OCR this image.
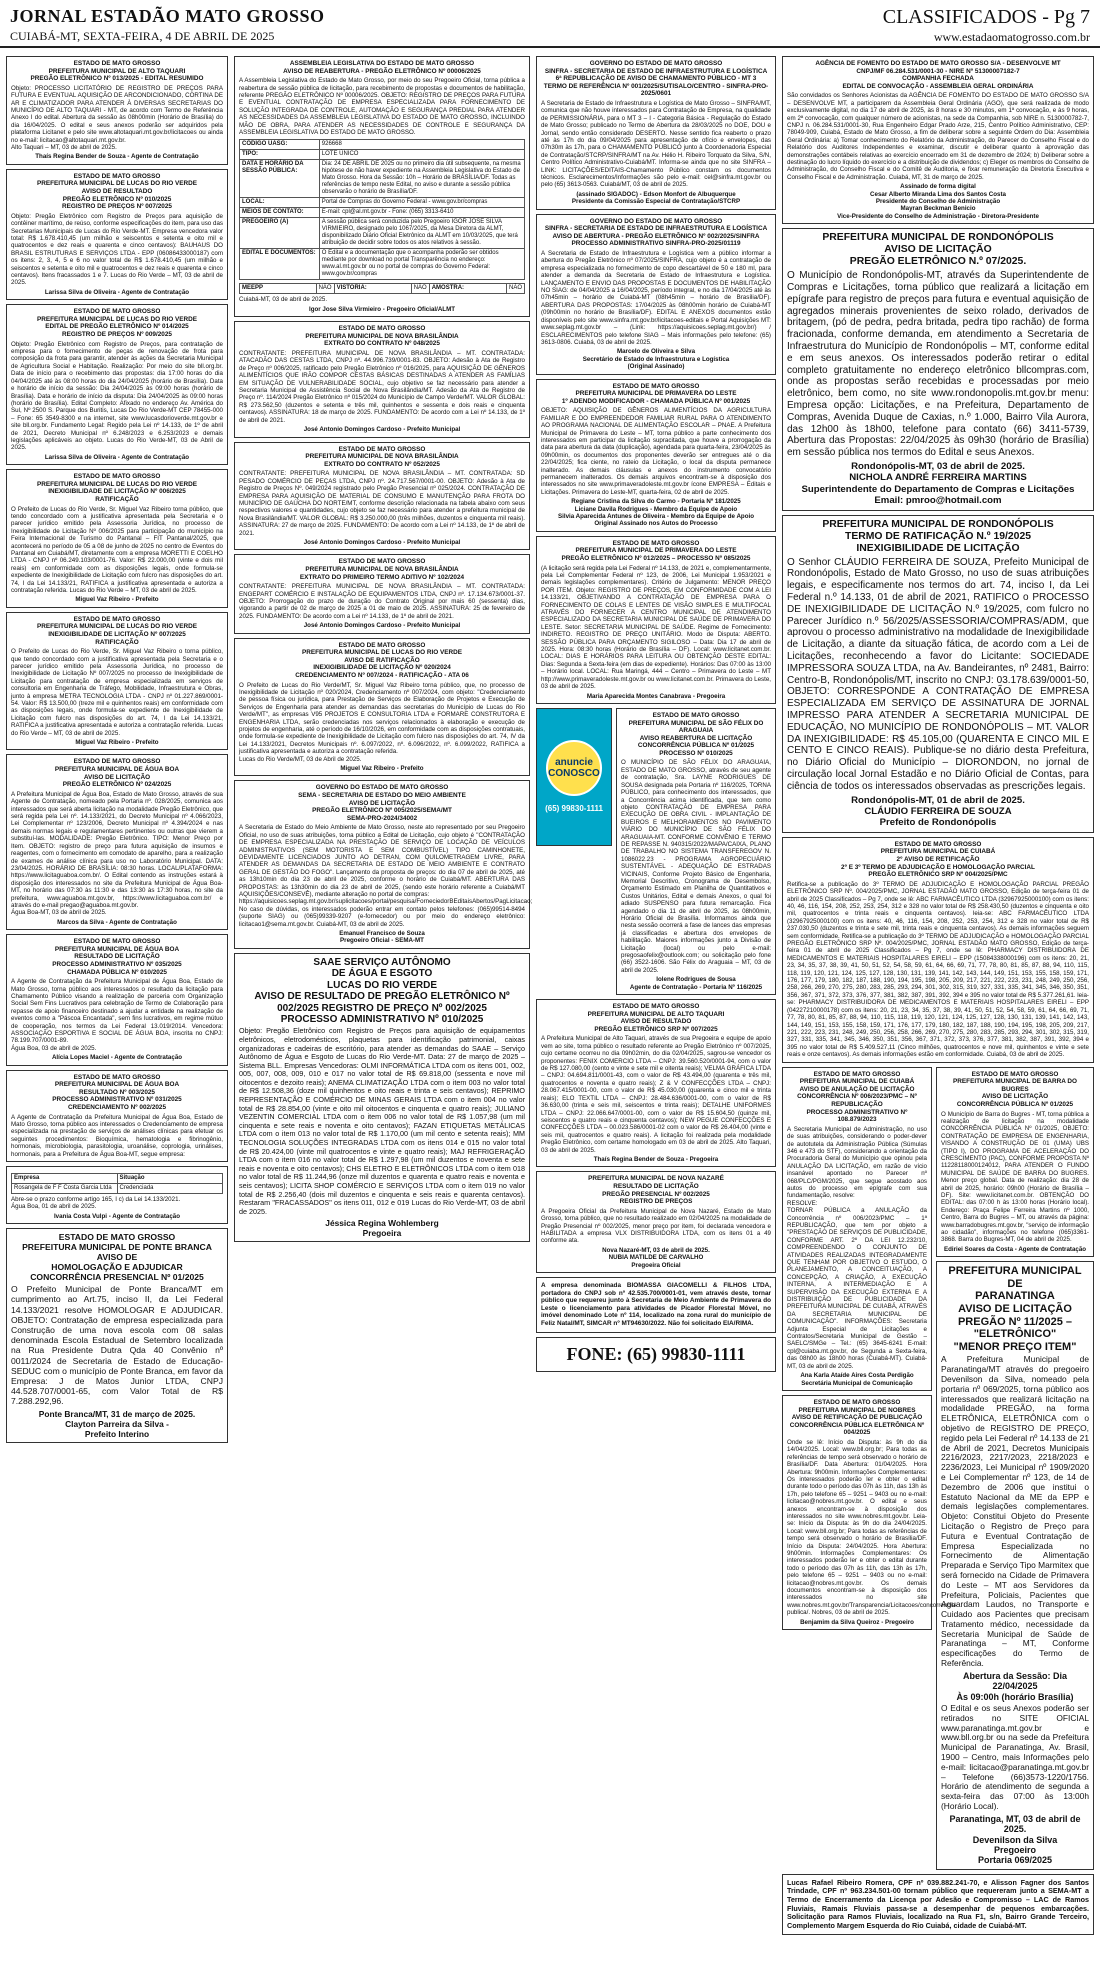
JORNAL ESTADÃO MATO GROSSO
CUIABÁ-MT, SEXTA-FEIRA, 4 DE ABRIL DE 2025
CLASSIFICADOS - Pg 7
www.estadaomatogrosso.com.br
ESTADO DE MATO GROSSO
PREFEITURA MUNICIPAL DE ALTO TAQUARI
PREGÃO ELETRÔNICO Nº 013/2025 - EDITAL RESUMIDO
Objeto: PROCESSO LICITATÓRIO DE REGISTRO DE PREÇOS PARA FUTURA E EVENTUAL AQUISIÇÃO DE ARCONDICIONADO, CORTINA DE AR E CLIMATIZADOR PARA ATENDER À DIVERSAS SECRETARIAS DO MUNICÍPIO DE ALTO TAQUARI - MT, de acordo com Termo de Referência Anexo I do edital. Abertura da sessão às 08h00min (Horário de Brasília) do dia 16/04/2025. O edital e seus anexos poderão ser adquiridos pela plataforma Licitanet e pelo site www.altotaquari.mt.gov.br/licitacoes ou ainda no e-mail: licitacao@altotaquari.mt.gov.br.
Alto Taquari – MT, 03 de abril de 2025.
Thaís Regina Bender de Souza - Agente de Contratação
ESTADO DE MATO GROSSO
PREFEITURA MUNICIPAL DE LUCAS DO RIO VERDE
AVISO DE RESULTADO
PREGÃO ELETRÔNICO Nº 010/2025
REGISTRO DE PREÇOS Nº 007/2025
Objeto: Pregão Eletrônico com Registro de Preços para aquisição de contêiner marítimo, de reúso, conforme especificações do item, para uso das Secretarias Municipais de Lucas do Rio Verde-MT. Empresa vencedora valor total: R$ 1.678.410,45 (um milhão e seiscentos e setenta e oito mil e quatrocentos e dez reais e quarenta e cinco centavos): BAUHAUS DO BRASIL ESTRUTURAS E SERVIÇOS LTDA - EPP (06086433000187) com os itens: 2, 3, 4, 5 e 6 no valor total de R$ 1.678.410,45 (um milhão e seiscentos e setenta e oito mil e quatrocentos e dez reais e quarenta e cinco centavos). Itens fracassados 1 e 7. Lucas do Rio Verde – MT, 03 de abril de 2025.
Larissa Silva de Oliveira - Agente de Contratação
ESTADO DE MATO GROSSO
PREFEITURA MUNICIPAL DE LUCAS DO RIO VERDE
EDITAL DE PREGÃO ELETRÔNICO Nº 014/2025
REGISTRO DE PREÇOS Nº 009/2025
Objeto: Pregão Eletrônico com Registro de Preços, para contratação de empresa para o fornecimento de peças de renovação de frota para composição da frota para garantir, atender às ações da Secretaria Municipal de Agricultura Social e Habitação. Realização: Por meio do site bll.org.br. Data de início para o recebimento das propostas: dia 17:00 horas do dia 04/04/2025 até às 08:00 horas do dia 24/04/2025 (horário de Brasília). Data e horário de início da sessão: Dia 24/04/2025 às 09:00 horas (horário de Brasília). Data e horário de início da disputa: Dia 24/04/2025 às 09:00 horas (horário de Brasília). Edital Completo: Afixado no endereço Av. América do Sul, Nº 2500 S. Parque dos Buritis, Lucas Do Rio Verde-MT CEP 78455-000 – Fone: 65 3549-8300 e na internet, site www.lucasdorioverde.mt.gov.br e site bll.org.br. Fundamento Legal: Regido pela Lei nº 14.133, de 1º de abril de 2021, Decreto Municipal nº 6.248/2023 e 6.253/2023 e demais legislações aplicáveis ao objeto. Lucas do Rio Verde-MT, 03 de Abril de 2025.
Larissa Silva de Oliveira - Agente de Contratação
ESTADO DE MATO GROSSO
PREFEITURA MUNICIPAL DE LUCAS DO RIO VERDE
INEXIGIBILIDADE DE LICITAÇÃO Nº 006/2025
RATIFICAÇÃO
O Prefeito de Lucas do Rio Verde, Sr. Miguel Vaz Ribeiro torna público, que tendo concordado com a justificativa apresentada pela Secretaria e o parecer jurídico emitido pela Assessoria Jurídica, no processo de Inexigibilidade de Licitação Nº 006/2025 para participação do município na Feira Internacional de Turismo do Pantanal – FIT Pantanal/2025, que acontecerá no período de 05 a 08 de junho de 2025 no centro de Eventos do Pantanal em Cuiabá/MT, diretamente com a empresa MORETTI E COELHO LTDA - CNPJ nº 06.249.103/0001-76. Valor: R$ 22.000,00 (vinte e dois mil reais) em conformidade com as disposições legais, onde formula-se expediente de Inexigibilidade de Licitação com fulcro nas disposições do art. 74, I da Lei 14.133/21, RATIFICA a justificativa apresentada e autoriza a contratação referida. Lucas do Rio Verde – MT, 03 de abril de 2025.
Miguel Vaz Ribeiro - Prefeito
ESTADO DE MATO GROSSO
PREFEITURA MUNICIPAL DE LUCAS DO RIO VERDE
INEXIGIBILIDADE DE LICITAÇÃO Nº 007/2025
RATIFICAÇÃO
O Prefeito de Lucas do Rio Verde, Sr. Miguel Vaz Ribeiro o torna público, que tendo concordado com a justificativa apresentada pela Secretaria e o parecer jurídico emitido pela Assessoria Jurídica, no processo de Inexigibilidade de Licitação Nº 007/2025 no processo de Inexigibilidade de Licitação para contratação de empresa especializada em serviços de consultoria em Engenharia de Tráfego, Mobilidade, Infraestrutura e Obras, junto à empresa METRA TECNOLOGIA LTDA - CNPJ nº 01.227.869/0001-54. Valor: R$ 13.500,00 (treze mil e quinhentos reais) em conformidade com as disposições legais, onde formula-se expediente de Inexigibilidade de Licitação com fulcro nas disposições do art. 74, I da Lei 14.133/21, RATIFICA a justificativa apresentada e autoriza a contratação referida. Lucas do Rio Verde – MT, 03 de abril de 2025.
Miguel Vaz Ribeiro - Prefeito
ESTADO DE MATO GROSSO
PREFEITURA MUNICIPAL DE ÁGUA BOA
AVISO DE LICITAÇÃO
PREGÃO ELETRÔNICO Nº 024/2025
A Prefeitura Municipal de Água Boa, Estado de Mato Grosso, através de sua Agente de Contratação, nomeado pela Portaria nº. 028/2025, comunica aos interessados que será aberta licitação na modalidade Pregão Eletrônico, que será regida pela Lei nº. 14.133/2021, do Decreto Municipal nº 4.066/2023, Lei Complementar nº 123/2006, Decreto Municipal nº 4.394/2024 e nas demais normas legais e regulamentares pertinentes ou outras que vierem a substituí-las. MODALIDADE: Pregão Eletrônico. TIPO: Menor Preço por Item. OBJETO: registro de preço para futura aquisição de insumos e reagentes, com o fornecimento em comodato de aparelho, para a realização de exames de análise clínica para uso no Laboratório Municipal. DATA: 23/04/2025. HORÁRIO DE BRASÍLIA: 08:30 horas. LOCAL/PLATAFORMA: https://www.licitaguaboa.com.br/. O Edital contendo as instruções estará à disposição dos interessados no site da Prefeitura Municipal de Água Boa-MT, no horário das 07:30 às 11:30 e das 13:30 às 17:30 horas, no site da prefeitura, www.aguaboa.mt.gov.br, https://www.licitaguaboa.com.br/ e através do e-mail pregao@aguaboa.mt.gov.br.
Água Boa-MT, 03 de abril de 2025.
Marcos da Silva - Agente de Contratação
ESTADO DE MATO GROSSO
PREFEITURA MUNICIPAL DE ÁGUA BOA
RESULTADO DE LICITAÇÃO
PROCESSO ADMINISTRATIVO Nº 035/2025
CHAMADA PÚBLICA Nº 010/2025
A Agente de Contratação da Prefeitura Municipal de Água Boa, Estado de Mato Grosso, torna público aos interessados o resultado da licitação para Chamamento Público visando a realização de parceria com Organização Social Sem Fins Lucrativos para celebração de Termo de Colaboração para repasse de apoio financeiro destinado a ajudar a entidade na realização de eventos como a "Páscoa Encantada", sem fins lucrativos, em regime mútuo de cooperação, nos termos da Lei Federal 13.019/2014. Vencedora: ASSOCIAÇÃO ESPORTIVA E SOCIAL DE ÁGUA BOA, inscrita no CNPJ: 78.199.707/0001-89.
Água Boa, 03 de abril de 2025.
Alícia Lopes Maciel - Agente de Contratação
ESTADO DE MATO GROSSO
PREFEITURA MUNICIPAL DE ÁGUA BOA
RESULTADO Nº 003/2025
PROCESSO ADMINISTRATIVO Nº 031/2025
CREDENCIAMENTO Nº 002/2025
A Agente de Contratação da Prefeitura Municipal de Água Boa, Estado de Mato Grosso, torna público aos interessados o Credenciamento de empresa especializada na prestação de serviços de análises clínicas para efetuar os seguintes procedimentos: Bioquímica, hematologia e fibrinogênio, hormonais, microbiologia, parasitologia, uroanálise, coprologia, urinálises, hormonais, para a Prefeitura de Água Boa-MT, segue empresa:
Empresa	Situação
Rosangela de F F Costa Garcia Ltda	Credenciada
Abre-se o prazo conforme artigo 165, I c) da Lei 14.133/2021.
Água Boa, 01 de abril de 2025.
Ivania Costa Vulpi - Agente de Contratação
ESTADO DE MATO GROSSO
PREFEITURA MUNICIPAL DE PONTE BRANCA
AVISO DE
HOMOLOGAÇÃO E ADJUDICAR
CONCORRÊNCIA PRESENCIAL Nº 01/2025
O Prefeito Municipal de Ponte Branca/MT em cumprimento ao Art.75, inciso II, da Lei Federal 14.133/2021 resolve HOMOLOGAR E ADJUDICAR. OBJETO: Contratação de empresa especializada para Construção de uma nova escola com 08 salas denominada Escola Estadual de Setembro localizada na Rua Presidente Dutra Qda 40 Convênio nº 0011/2024 de Secretaria de Estado de Educação-SEDUC com o município de Ponte Branca, em favor da Empresa: J de Matos Junior LTDA, CNPJ 44.528.707/0001-65, com Valor Total de R$ 7.288.292,96.
Ponte Branca/MT, 31 de março de 2025.
Clayton Parreira da Silva -
Prefeito Interino
ASSEMBLEIA LEGISLATIVA DO ESTADO DE MATO GROSSO
AVISO DE REABERTURA - PREGÃO ELETRÔNICO Nº 00006/2025
A Assembleia Legislativa do Estado de Mato Grosso, por meio do seu Pregoeiro Oficial, torna pública a reabertura de sessão pública de licitação, para recebimento de propostas e documentos de habilitação, referente PREGÃO ELETRÔNICO Nº 00006/2025. OBJETO: REGISTRO DE PREÇOS PARA FUTURA E EVENTUAL CONTRATAÇÃO DE EMPRESA ESPECIALIZADA PARA FORNECIMENTO DE SOLUÇÃO INTEGRADA DE CONTROLE, AUTOMAÇÃO E SEGURANÇA PREDIAL PARA ATENDER AS NECESSIDADES DA ASSEMBLEIA LEGISLATIVA DO ESTADO DE MATO GROSSO, INCLUINDO MÃO DE OBRA, PARA ATENDER AS NECESSIDADES DE CONTROLE E SEGURANÇA DA ASSEMBLEIA LEGISLATIVA DO ESTADO DE MATO GROSSO.
CÓDIGO UASG:	926668
TIPO:	LOTE ÚNICO
DATA E HORÁRIO DA SESSÃO PÚBLICA:	Dia: 24 DE ABRIL DE 2025 ou no primeiro dia útil subsequente, na mesma hipótese de não haver expediente na Assembleia Legislativa do Estado de Mato Grosso. Hora da Sessão: 10h – Horário de BRASÍLIA/DF. Todas as referências de tempo neste Edital, no aviso e durante a sessão pública observarão o horário de Brasília/DF.
LOCAL:	Portal de Compras do Governo Federal - www.gov.br/compras
MEIOS DE CONTATO:	E-mail: cpl@al.mt.gov.br - Fone: (065) 3313-6410
PREGOEIRO (A)	A sessão pública será conduzida pelo Pregoeiro IGOR JOSE SILVA VIRMIEIRO, designado pelo 1067/2025, da Mesa Diretora da ALMT, disponibilizado Diário Oficial Eletrônico da ALMT em 10/03/2025, que terá atribuição de decidir sobre todos os atos relativos à sessão.
EDITAL E DOCUMENTOS:	O Edital e a documentação que o acompanha poderão ser obtidos mediante por download no portal Transparência no endereço: www.al.mt.gov.br ou no portal de compras do Governo Federal: www.gov.br/compras
MEEPP	NÃO	VISTORIA:	NÃO	AMOSTRA:	NÃO
Cuiabá-MT, 03 de abril de 2025.
Igor Jose Silva Virmieiro - Pregoeiro Oficial/ALMT
ESTADO DE MATO GROSSO
PREFEITURA MUNICIPAL DE NOVA BRASILÂNDIA
EXTRATO DO CONTRATO Nº 048/2025
CONTRATANTE: PREFEITURA MUNICIPAL DE NOVA BRASILÂNDIA – MT. CONTRATADA: ATACADÃO DAS CESTAS LTDA, CNPJ nº. 44.996.739/0001-83. OBJETO: Adesão à Ata de Registro de Preço nº 006/2025, ratificado pelo Pregão Eletrônico nº 016/2025, para AQUISIÇÃO DE GÊNEROS ALIMENTÍCIOS QUE IRÃO COMPOR CESTAS BÁSICAS DESTINADAS A ATENDER AS FAMÍLIAS EM SITUAÇÃO DE VULNERABILIDADE SOCIAL, cujo objetivo se faz necessário para atender a Secretaria Municipal de Assistência Social de Nova Brasilândia/MT. Adesão da Ata de Registro de Preço nº. 114/2024 Pregão Eletrônico nº 015/2024 do Município de Campo Verde/MT. VALOR GLOBAL: R$ 273.562,50 (duzentos e setenta e três mil, quinhentos e sessenta e dois reais e cinquenta centavos). ASSINATURA: 18 de março de 2025. FUNDAMENTO: De acordo com a Lei nº 14.133, de 1º de abril de 2021.
José Antonio Domingos Cardoso - Prefeito Municipal
ESTADO DE MATO GROSSO
PREFEITURA MUNICIPAL DE NOVA BRASILÂNDIA
EXTRATO DO CONTRATO Nº 052/2025
CONTRATANTE: PREFEITURA MUNICIPAL DE NOVA BRASILÂNDIA – MT. CONTRATADA: SD PESADO COMÉRCIO DE PEÇAS LTDA, CNPJ nº. 24.717.567/0001-00. OBJETO: Adesão à Ata de Registro de Preços Nº. 049/2024 registrado pelo Pregão Presencial nº 025/2024. CONTRATAÇÃO DE EMPRESA PARA AQUISIÇÃO DE MATERIAL DE CONSUMO E MANUTENÇÃO PARA FROTA DO MUNICÍPIO DE GAÚCHA DO NORTE/MT, conforme descrição relacionada na tabela abaixo com seus respectivos valores e quantidades, cujo objeto se faz necessário para atender a prefeitura municipal de Nova Brasilândia/MT. VALOR GLOBAL: R$ 3.250.000,00 (três milhões, duzentos e cinquenta mil reais). ASSINATURA: 27 de março de 2025. FUNDAMENTO: De acordo com a Lei nº 14.133, de 1º de abril de 2021.
José Antonio Domingos Cardoso - Prefeito Municipal
ESTADO DE MATO GROSSO
PREFEITURA MUNICIPAL DE NOVA BRASILÂNDIA
EXTRATO DO PRIMEIRO TERMO ADITIVO Nº 102/2024
CONTRATANTE: PREFEITURA MUNICIPAL DE NOVA BRASILÂNDIA – MT. CONTRATADA: ENGEPART COMÉRCIO E INSTALAÇÃO DE EQUIPAMENTOS LTDA, CNPJ nº. 17.134.673/0001-37. OBJETO: Prorrogação do prazo de duração do Contrato Original por mais 60 (sessenta) dias, vigorando a partir de 02 de março de 2025 a 01 de maio de 2025. ASSINATURA: 25 de fevereiro de 2025. FUNDAMENTO: De acordo com a Lei nº 14.133, de 1º de abril de 2021.
José Antonio Domingos Cardoso - Prefeito Municipal
ESTADO DE MATO GROSSO
PREFEITURA MUNICIPAL DE LUCAS DO RIO VERDE
AVISO DE RATIFICAÇÃO
INEXIGIBILIDADE DE LICITAÇÃO Nº 020/2024
CREDENCIAMENTO Nº 007/2024 - RATIFICAÇÃO - ATA 06
O Prefeito de Lucas do Rio Verde/MT, Sr. Miguel Vaz Ribeiro torna público, que, no processo de Inexigibilidade de Licitação nº 020/2024, Credenciamento nº 007/2024, com objeto: "Credenciamento de pessoa física ou jurídica, para Prestação de Serviços de Elaboração de Projetos e Execução de Serviços de Engenharia para atender as demandas das secretarias do Município de Lucas do Rio Verde/MT", as empresas V95 PROJETOS E CONSULTORIA LTDA e FORMARE CONSTRUTORA E ENGENHARIA LTDA, serão credenciadas nos serviços relacionados à elaboração e execução de projetos de engenharia, até o período de 16/10/2026, em conformidade com as disposições contratuais, onde formula-se expediente de Inexigibilidade de Licitação com fulcro nas disposições do art. 74, IV da Lei 14.133/2021, Decretos Municipais nº. 6.097/2022, nº. 6.096/2022, nº. 6.099/2022, RATIFICA a justificativa apresentada e autoriza a contratação referida.
Lucas do Rio Verde/MT, 03 de Abril de 2025.
Miguel Vaz Ribeiro - Prefeito
GOVERNO DO ESTADO DE MATO GROSSO
SEMA - SECRETARIA DE ESTADO DO MEIO AMBIENTE
AVISO DE LICITAÇÃO
PREGÃO ELETRÔNICO Nº 005/2025/SEMA/MT
SEMA-PRO-2024/34002
A Secretaria de Estado do Meio Ambiente de Mato Grosso, neste ato representado por seu Pregoeiro Oficial, no uso de suas atribuições, torna público a Edital de Licitação, cujo objeto é "CONTRATAÇÃO DE EMPRESA ESPECIALIZADA NA PRESTAÇÃO DE SERVIÇO DE LOCAÇÃO DE VEÍCULOS ADMINISTRATIVOS (SEM MOTORISTA E SEM COMBUSTÍVEL) TIPO CAMINHONETE, DEVIDAMENTE LICENCIADOS JUNTO AO DETRAN, COM QUILOMETRAGEM LIVRE, PARA ATENDER AS DEMANDAS DA SECRETARIA DE ESTADO DE MEIO AMBIENTE E CONTRATO GERAL DE GESTÃO DO FOGO". Lançamento da proposta de preços: do dia 07 de abril de 2025, até as 13h10min do dia 23 de abril de 2025, conforme o horário de Cuiabá/MT. ABERTURA DAS PROPOSTAS: às 13h30min do dia 23 de abril de 2025, (sendo este horário referente a Cuiabá/MT AQUISIÇÕES/CONSEVÊ), mediante alteração no portal de compras:
https://aquisicoes.seplag.mt.gov.br/suplicitacoes/portal/pesquisa/ForneciedorBEditaisAbertos/PagLicitacao; No caso de dúvidas, os interessados poderão entrar em contato pelos telefones: (065)99514-8494 (suporte SIAG) ou (065)99339-9207 (e-fornecedor) ou por meio do endereço eletrônico: licitacao1@sema.mt.gov.br. Cuiabá-MT, 03 de abril de 2025.
Emanuel Francisco de Souza
Pregoeiro Oficial - SEMA-MT
SAAE SERVIÇO AUTÔNOMO
DE ÁGUA E ESGOTO
LUCAS DO RIO VERDE
AVISO DE RESULTADO DE PREGÃO ELETRÔNICO Nº 002/2025 REGISTRO DE PREÇO Nº 002/2025
PROCESSO ADMINISTRATIVO Nº 010/2025
Objeto: Pregão Eletrônico com Registro de Preços para aquisição de equipamentos eletrônicos, eletrodomésticos, plaquetas para identificação patrimonial, caixas organizadoras e cadeiras de escritório, para atender as demandas do SAAE – Serviço Autônomo de Água e Esgoto de Lucas do Rio Verde-MT. Data: 27 de março de 2025 – Sistema BLL. Empresas Vencedoras: OLMI INFORMÁTICA LTDA com os itens 001, 002, 005, 007, 008, 009, 010 e 017 no valor total de R$ 69.818,00 (sessenta e nove mil oitocentos e dezoito reais); ANEMA CLIMATIZAÇÃO LTDA com o item 003 no valor total de R$ 12.508,36 (doze mil quinhentos e oito reais e trinta e seis centavos); REPRIMO REPRESENTAÇÃO E COMÉRCIO DE MINAS GERAIS LTDA com o item 004 no valor total de R$ 28.854,00 (vinte e oito mil oitocentos e cinquenta e quatro reais); JULIANO VEZENTIN COMERCIAL LTDA com o item 006 no valor total de R$ 1.057,98 (um mil cinquenta e sete reais e noventa e oito centavos); FAZAN ETIQUETAS METÁLICAS LTDA com o item 013 no valor total de R$ 1.170,00 (um mil cento e setenta reais); MM TECNOLOGIA SOLUÇÕES INTEGRADAS LTDA com os itens 014 e 015 no valor total de R$ 20.424,00 (vinte mil quatrocentos e vinte e quatro reais); MAJ REFRIGERAÇÃO LTDA com o item 016 no valor total de R$ 1.297,98 (um mil duzentos e noventa e sete reais e noventa e oito centavos); CHS ELETRO E ELETRÔNICOS LTDA com o item 018 no valor total de R$ 11.244,96 (onze mil duzentos e quarenta e quatro reais e noventa e seis centavos); LICITA SHOP COMÉRCIO E SERVIÇOS LTDA com o item 019 no valor total de R$ 2.256,40 (dois mil duzentos e cinquenta e seis reais e quarenta centavos). Restaram "FRACASSADOS" os itens 011, 012 e 019 Lucas do Rio Verde-MT, 03 de abril de 2025.
Jéssica Regina Wohlemberg
Pregoeira
GOVERNO DO ESTADO DE MATO GROSSO
SINFRA - SECRETARIA DE ESTADO DE INFRAESTRUTURA E LOGÍSTICA
6ª REPUBLICAÇÃO DE AVISO DE CHAMAMENTO PÚBLICO - MT 3
TERMO DE REFERÊNCIA Nº 001/2025/SUTISALO/CENTRO - SINFRA-PRO-2025/0601
A Secretaria de Estado de Infraestrutura e Logística de Mato Grosso – SINFRA/MT, comunica que não houve interessados para Contratação de Empresa, na qualidade de PERMISSIONÁRIA, para o MT 3 – I - Categoria Básica - Regulação do Estado de Mato Grosso; publicado no Termo de Abertura da 28/03/2025 no DOE, DOU e Jornal, sendo então considerado DESERTO. Nesse sentido fica reaberto o prazo até às 17h do dia 09/04/2025 para apresentação de ofício e envelopes, das 07h30m às 17h, para o CHAMAMENTO PÚBLICO junto à Coordenadoria Especial de Contratação/STCRP/SINFRA/MT na Av. Hélio H. Ribeiro Torquato da Silva, S/N, Centro Político Administrativo-Cuiabá/MT. Informa-se ainda que no site SINFRA – LINK: LICITAÇÕES/EDITAIS-Chamamento Público constam os documentos técnicos. Esclarecimentos/Informações são pelo e-mail: cel@sinfra.mt.gov.br ou pelo (65) 3613-0563. Cuiabá/MT, 03 de abril de 2025.
(assinado SIGADOC) - Edson Monfort de Albuquerque
Presidente da Comissão Especial de Contratação/STCRP
GOVERNO DO ESTADO DE MATO GROSSO
SINFRA - SECRETARIA DE ESTADO DE INFRAESTRUTURA E LOGÍSTICA
AVISO DE ABERTURA - PREGÃO ELETRÔNICO Nº 002/2025/SINFRA
PROCESSO ADMINISTRATIVO SINFRA-PRO-2025/01119
A Secretaria de Estado de Infraestrutura e Logística vem a público informar a abertura do Pregão Eletrônico nº 07/2025/SINFRA, cujo objeto é a contratação de empresa especializada no fornecimento de copo descartável de 50 e 180 ml, para atender a demanda da Secretaria de Estado de Infraestrutura e Logística. LANÇAMENTO E ENVIO DAS PROPOSTAS E DOCUMENTOS DE HABILITAÇÃO NO SIAG: de 04/04/2025 a 16/04/2025, período integral, e no dia 17/04/2025 até às 07h45min – horário de Cuiabá-MT (08h45min – horário de Brasília/DF). ABERTURA DAS PROPOSTAS: 17/04/2025 às 08h00min horário de Cuiabá-MT (09h00min no horário de Brasília/DF). EDITAL E ANEXOS documentos estão disponíveis pelo site www.sinfra.mt.gov.br/licitacoes-editais e Portal Aquisições MT: www.seplag.mt.gov.br – (Link: https://aquisicoes.seplag.mt.gov.br/) / ESCLARECIMENTOS pelo telefone SIAG – Mais informações pelo telefone: (65) 3613-0806. Cuiabá, 03 de abril de 2025.
Marcelo de Oliveira e Silva
Secretário de Estado de Infraestrutura e Logística
(Original Assinado)
ESTADO DE MATO GROSSO
PREFEITURA MUNICIPAL DE PRIMAVERA DO LESTE
1º ADENDO MODIFICADOR - CHAMADA PÚBLICA Nº 001/2025
OBJETO: AQUISIÇÃO DE GÊNEROS ALIMENTÍCIOS DA AGRICULTURA FAMILIAR E DO EMPREENDEDOR FAMILIAR RURAL PARA O ATENDIMENTO AO PROGRAMA NACIONAL DE ALIMENTAÇÃO ESCOLAR – PNAE. A Prefeitura Municipal de Primavera do Leste – MT, torna público a parte conhecimento dos interessados em participar da licitação supracitada, que houve a prorrogação da data para abertura da data (duplicação), agendada para quarta-feira, 23/04/2025 às 09h00min, os documentos dos proponentes deverão ser entregues até o dia 22/04/2025; fica ciente, no rateio da Licitação, o local da disputa permanece inalterado. As demais cláusulas e anexos do instrumento convocatório permanecem inalterados. Os demais arquivos encontram-se à disposição dos interessados no site www.primaveradoleste.mt.gov.br ícone EMPRESA – Editais e Licitações. Primavera do Leste-MT, quarta-feira, 02 de abril de 2025.
Regiane Cristina da Silva do Carmo - Portaria Nº 181/2025
Liciane Davila Rodrigues - Membro da Equipe de Apoio
Silvia Aparecida Antunes de Oliveira - Membro da Equipe de Apoio
Original Assinado nos Autos do Processo
ESTADO DE MATO GROSSO
PREFEITURA MUNICIPAL DE PRIMAVERA DO LESTE
PREGÃO ELETRÔNICO Nº 012/2025 – PROCESSO Nº 085/2025
(A licitação será regida pela Lei Federal nº 14.133, de 2021 e, complementarmente, pela Lei Complementar Federal nº 123, de 2006, Lei Municipal 1.953/2021 e demais legislações complementares). Critério de Julgamento: MENOR PREÇO POR ITEM. Objeto: REGISTRO DE PREÇOS, EM CONFORMIDADE COM A LEI 14.133/21, OBJETIVANDO A CONTRATAÇÃO DE EMPRESA PARA O FORNECIMENTO DE COLAS E LENTES DE VISÃO SIMPLES E MULTIFOCAL ATRAVÉS DO FORNECER A CENTRO MUNICIPAL DE ATENDIMENTO ESPECIALIZADO DA SECRETARIA MUNICIPAL DE SAÚDE DE PRIMAVERA DO LESTE. Setor: SECRETARIA MUNICIPAL DE SAÚDE. Regime de Fornecimento: INDIRETO. REGISTRO DE PREÇO UNITÁRIO. Modo de Disputa: ABERTO. SESSÃO PÚBLICA PARA ORÇAMENTO SIGILOSO – Data: Dia 17 de abril de 2025. Hora: 08:30 horas (Horário de Brasília – DF). Local: www.licitanet.com.br. LOCAL: DIAS E HORÁRIOS PARA LEITURA OU OBTENÇÃO DESTE EDITAL: Dias: Segunda a Sexta-feira (em dias de expediente). Horários: Das 07:00 às 13:00 – Horário local. LOCAL: Rua Maringá, 444 – Centro – Primavera do Leste – MT http://www.primaveradoleste.mt.gov.br ou www.licitanet.com.br. Primavera do Leste, 03 de abril de 2025.
Maria Aparecida Montes Canabrava - Pregoeira
anuncie
CONOSCO
(65) 99830-1111
ESTADO DE MATO GROSSO
PREFEITURA MUNICIPAL DE SÃO FÉLIX DO ARAGUAIA
AVISO REABERTURA DE LICITAÇÃO
CONCORRÊNCIA PÚBLICA Nº 01/2025
PROCESSO Nº 010/2025
O MUNICÍPIO DE SÃO FÉLIX DO ARAGUAIA, ESTADO DE MATO GROSSO, através de seu agente de contratação, Sra. LAYNE RODRIGUES DE SOUSA designada pela Portaria nº 116/2025, TORNA PÚBLICO, para conhecimento dos interessados, que a Concorrência acima identificada, que tem como objeto CONTRATAÇÃO DE EMPRESA PARA EXECUÇÃO DE OBRA CIVIL - IMPLANTAÇÃO DE BUEIROS E MELHORAMENTOS NO PAVIMENTO VIÁRIO DO MUNICÍPIO DE SÃO FÉLIX DO ARAGUAIA-MT. CONFORME CONVÊNIO E TERMO DE REPASSE N. 940315/2022/MAPA/CAIXA, PLANO DE TRABALHO NO SISTEMA TRANSFEREGOV N. 1086022.23 - PROGRAMA AGROPECUÁRIO SUSTENTÁVEL - ADEQUAÇÃO DE ESTRADAS VICINAIS, Conforme Projeto Básico de Engenharia, Memorial Descritivo, Cronograma de Desembolso, Orçamento Estimado em Planilha de Quantitativos e Custos Unitários, Edital e demais Anexos, o qual foi adiado SUSPENSO para futura remarcação. Fica agendado o dia 11 de abril de 2025, às 08h00min, Horário Oficial de Brasília. Informamos ainda que nesta sessão ocorrerá a fase de lances das empresas já classificadas e abertura dos envelopes de habilitação. Maiores informações junto a Divisão de Licitação (local) ou pelo e-mail: pregosaofelix@outlook.com; ou solicitação pelo fone (66) 3522-1606. São Félix do Araguaia – MT, 03 de abril de 2025.
Iolene Rodrigues de Sousa
Agente de Contratação - Portaria Nº 116/2025
ESTADO DE MATO GROSSO
PREFEITURA MUNICIPAL DE ALTO TAQUARI
AVISO DE RESULTADO
PREGÃO ELETRÔNICO SRP Nº 007/2025
A Prefeitura Municipal de Alto Taquari, através de sua Pregoeira e equipe de apoio vem ao site, torna público o resultado referente ao Pregão Eletrônico nº 007/2025, cujo certame ocorreu no dia 09h02min, do dia 02/04/2025, sagrou-se vencedor os proponentes: FENIX COMERCIO LTDA – CNPJ: 39.560.520/0001-94, com o valor de R$ 127.080,00 (cento e vinte e sete mil e oitenta reais); VELMA GRÁFICA LTDA – CNPJ: 04.694.811/0001-43, com o valor de R$ 43.494,00 (quarenta e três mil, quatrocentos e noventa e quatro reais); Z & V CONFECÇÕES LTDA – CNPJ: 28.067.415/0001-00, com o valor de R$ 45.030,00 (quarenta e cinco mil e trinta reais); ELO TEXTIL LTDA – CNPJ: 28.484.636/0001-00, com o valor de R$ 36.630,00 (trinta e seis mil, seiscentos e trinta reais); DETALHE UNIFORMES LTDA – CNPJ: 22.066.647/0001-00, com o valor de R$ 15.604,50 (quinze mil, seiscentos e quatro reais e cinquenta centavos); NEW PEGUE CONFECÇÕES E CONFECÇÕES LTDA – 00.023.586/0001-02 com o valor de R$ 26.404,00 (vinte e seis mil, quatrocentos e quatro reais). A licitação foi realizada pela modalidade Pregão Eletrônico, com certame homologado em 03 de abril de 2025. Alto Taquari, 03 de abril de 2025.
Thaís Regina Bender de Souza - Pregoeira
PREFEITURA MUNICIPAL DE NOVA NAZARÉ
RESULTADO DE LICITAÇÃO
PREGÃO PRESENCIAL Nº 002/2025
REGISTRO DE PREÇOS
A Pregoeira Oficial da Prefeitura Municipal de Nova Nazaré, Estado de Mato Grosso, torna público, que no resultado realizado em 02/04/2025 na modalidade de Pregão Presencial nº 002/2025, menor preço por item, foi declarada vencedora e HABILITADA a empresa VLX DISTRIBUIDORA LTDA, com os itens 01 a 49 conforme ata.
Nova Nazaré-MT, 03 de abril de 2025.
NUBIA MATILDE DE CARVALHO
Pregoeira Oficial
A empresa denominada BIOMASSA GIACOMELLI & FILHOS LTDA, portadora do CNPJ sob nº 42.535.700/0001-01, vem através deste, tornar público que requereu junto à Secretaria de Meio Ambiente de Primavera do Leste o licenciamento para atividades de Picador Florestal Móvel, no imóvel denominado Lote nº 114, localizado na zona rural do município de Feliz Natal/MT, SIMCAR nº MT94630/2022. Não foi solicitado EIA/RIMA.
FONE: (65) 99830-1111
AGÊNCIA DE FOMENTO DO ESTADO DE MATO GROSSO S/A - DESENVOLVE MT
CNPJ/MF 06.284.531/0001-30 - NIRE Nº 51300007182-7
COMPANHIA FECHADA
EDITAL DE CONVOCAÇÃO - ASSEMBLEIA GERAL ORDINÁRIA
São convidados os Senhores Acionistas da AGÊNCIA DE FOMENTO DO ESTADO DE MATO GROSSO S/A – DESENVOLVE MT, a participarem da Assembleia Geral Ordinária (AGO), que será realizada de modo exclusivamente digital, no dia 17 de abril de 2025, às 8 horas e 30 minutos, em 1ª convocação, e às 9 horas, em 2ª convocação, com qualquer número de acionistas, na sede da Companhia, sob NIRE n. 5130000782-7, CNPJ n. 06.284.531/0001-30, Rua Engenheiro Edgar Prado Arze, 215, Centro Político Administrativo, CEP: 78049-909, Cuiabá, Estado de Mato Grosso, a fim de deliberar sobre a seguinte Ordem do Dia: Assembleia Geral Ordinária: a) Tomar conhecimento do Relatório da Administração, do Parecer do Conselho Fiscal e do Relatório dos Auditores Independentes e examinar, discutir e deliberar quanto à aprovação das demonstrações contábeis relativas ao exercício encerrado em 31 de dezembro de 2024; b) Deliberar sobre a destinação do lucro líquido do exercício e a distribuição de dividendos; c) Eleger os membros do Conselho de Administração, do Conselho Fiscal e do Comitê de Auditoria, e fixar remuneração da Diretoria Executiva e Conselho Fiscal e de Administração. Cuiabá, MT, 31 de março de 2025.
Assinado de forma digital
Cesar Alberto Miranda Lima dos Santos Costa
Presidente do Conselho de Administração
Mayran Beckman Benicio
Vice-Presidente do Conselho de Administração - Diretora-Presidente
PREFEITURA MUNICIPAL DE RONDONÓPOLIS
AVISO DE LICITAÇÃO
PREGÃO ELETRÔNICO N.º 07/2025.
O Município de Rondonópolis-MT, através da Superintendente de Compras e Licitações, torna público que realizará a licitação em epígrafe para registro de preços para futura e eventual aquisição de agregados minerais provenientes de seixo rolado, derivados de britagem, (pó de pedra, pedra britada, pedra tipo rachão) de forma fracionada, conforme demanda, em atendimento a Secretaria de Infraestrutura do Município de Rondonópolis – MT, conforme edital e em seus anexos. Os interessados poderão retirar o edital completo gratuitamente no endereço eletrônico bllcompras.com, onde as propostas serão recebidas e processadas por meio eletrônico, bem como, no site www.rondonopolis.mt.gov.br menu: Empresa opção: Licitações, e na Prefeitura, Departamento de Compras, Avenida Duque de Caxias, n.º 1.000, Bairro Vila Aurora, das 12h00 às 18h00, telefone para contato (66) 3411-5739, Abertura das Propostas: 22/04/2025 às 09h30 (horário de Brasília) em sessão pública nos termos do Edital e seus Anexos.
Rondonópolis-MT, 03 de abril de 2025.
NICHOLA ANDRÉ FERREIRA MARTINS
Superintendente do Departamento de Compras e Licitações
Email: pmroo@hotmail.com
PREFEITURA MUNICIPAL DE RONDONÓPOLIS
TERMO DE RATIFICAÇÃO N.º 19/2025
INEXIGIBILIDADE DE LICITAÇÃO
O Senhor CLÁUDIO FERREIRA DE SOUZA, Prefeito Municipal de Rondonópolis, Estado de Mato Grosso, no uso de suas atribuições legais, e especificamente nos termos do art. 74, inciso I, da Lei Federal n.º 14.133, 01 de abril de 2021, RATIFICO o PROCESSO DE INEXIGIBILIDADE DE LICITAÇÃO N.º 19/2025, com fulcro no Parecer Jurídico n.º 56/2025/ASSESSORIA/COMPRAS/ADM, que aprovou o processo administrativo na modalidade de Inexigibilidade de Licitação, a diante da situação fática, de acordo com a Lei de Licitações, reconhecendo a favor do Licitante: SOCIEDADE IMPRESSORA SOUZA LTDA, na Av. Bandeirantes, nº 2481, Bairro: Centro-B, Rondonópolis/MT, inscrito no CNPJ: 03.178.639/0001-50, OBJETO: CORRESPONDE A CONTRATAÇÃO DE EMPRESA ESPECIALIZADA EM SERVIÇO DE ASSINATURA DE JORNAL IMPRESSO PARA ATENDER A SECRETARIA MUNICIPAL DE EDUCAÇÃO, NO MUNICÍPIO DE RONDONÓPOLIS – MT. VALOR DA INEXIGIBILIDADE: R$ 45.105,00 (QUARENTA E CINCO MIL E CENTO E CINCO REAIS). Publique-se no diário desta Prefeitura, no Diário Oficial do Município – DIORONDON, no jornal de circulação local Jornal Estadão e no Diário Oficial de Contas, para ciência de todos os interessados observadas as prescrições legais.
Rondonópolis-MT, 01 de abril de 2025.
CLÁUDIO FERREIRA DE SOUZA
Prefeito de Rondonópolis
ESTADO DE MATO GROSSO
PREFEITURA MUNICIPAL DE CUIABÁ
2º AVISO DE RETIFICAÇÃO
2º E 3º TERMO DE ADJUDICAÇÃO E HOMOLOGAÇÃO PARCIAL
PREGÃO ELETRÔNICO SRP Nº 004/2025/PMC
Retifica-se a publicação do 3º TERMO DE ADJUDICAÇÃO E HOMOLOGAÇÃO PARCIAL PREGÃO ELETRÔNICO SRP Nº. 004/2025/PMC, JORNAL ESTADÃO MATO GROSSO, Edição de terça-feira 01 de abril de 2025 Classificados – Pg 7, onde se lê: ABC FARMACÊUTICO LTDA (32967925000100) com os itens: 40, 46, 116, 154, 208, 252, 253, 254, 312 e 328 no valor total de R$ 258.430,50 (duzentos e cinquenta e oito mil, quatrocentos e trinta reais e cinquenta centavos). leia-se: ABC FARMACÊUTICO LTDA (32967925000100) com os itens: 40, 46, 116, 154, 208, 252, 253, 254, 312 e 328 no valor total de R$ 237.030,50 (duzentos e trinta e sete mil, trinta reais e cinquenta centavos). As demais informações seguem sem conformidade. Retifica-se a publicação do 3º TERMO DE ADJUDICAÇÃO e HOMOLOGAÇÃO PARCIAL PREGÃO ELETRÔNICO SRP Nº. 004/2025/PMC, JORNAL ESTADÃO MATO GROSSO, Edição de terça-feira 01 de abril de 2025 Classificados – Pg 7, onde se lê: PHARMACY DISTRIBUIDORA DE MEDICAMENTOS E MATERIAIS HOSPITALARES EIRELI – EPP (15084338000196) com os itens: 20, 21, 23, 34, 35, 37, 38, 39, 41, 50, 51, 52, 54, 58, 59, 61, 64, 66, 69, 71, 77, 78, 80, 81, 85, 87, 88, 94, 110, 115, 118, 119, 120, 121, 124, 125, 127, 128, 130, 131, 139, 141, 142, 143, 144, 149, 151, 153, 155, 158, 159, 171, 176, 177, 179, 180, 182, 187, 188, 190, 194, 195, 198, 205, 209, 217, 221, 222, 223, 231, 248, 249, 250, 256, 258, 266, 269, 270, 275, 280, 283, 285, 293, 294, 301, 302, 315, 319, 327, 331, 335, 341, 345, 346, 350, 351, 356, 367, 371, 372, 373, 376, 377, 381, 382, 387, 391, 392, 394 e 395 no valor total de R$ 5.377.261,61. leia-se: PHARMACY DISTRIBUIDORA DE MEDICAMENTOS E MATERIAIS HOSPITALARES EIRELI – EPP (04227210000178) com os itens: 20, 21, 23, 34, 35, 37, 38, 39, 41, 50, 51, 52, 54, 58, 59, 61, 64, 66, 69, 71, 77, 78, 80, 81, 85, 87, 88, 94, 110, 115, 118, 119, 120, 121, 124, 125, 127, 128, 130, 131, 139, 141, 142, 143, 144, 149, 151, 153, 155, 158, 159, 171, 176, 177, 179, 180, 182, 187, 188, 190, 194, 195, 198, 205, 209, 217, 221, 222, 223, 231, 248, 249, 250, 256, 258, 266, 269, 270, 275, 280, 283, 285, 293, 294, 301, 302, 315, 319, 327, 331, 335, 341, 345, 346, 350, 351, 356, 367, 371, 372, 373, 376, 377, 381, 382, 387, 391, 392, 394 e 395 no valor total de R$ 5.409.527,11 (Cinco milhões, quatrocentos e nove mil, quinhentos e vinte e sete reais e onze centavos). As demais informações estão em conformidade. Cuiabá, 03 de abril de 2025.
ESTADO DE MATO GROSSO
PREFEITURA MUNICIPAL DE CUIABÁ
AVISO DE ANULAÇÃO DE LICITAÇÃO
CONCORRÊNCIA Nº 006/2023/PMC – Nº REPUBLICAÇÃO
PROCESSO ADMINISTRATIVO Nº 108.879/2023
A Secretaria Municipal de Administração, no uso de suas atribuições, considerando o poder-dever de autotutela da Administração Pública (Súmulas 346 e 473 do STF), considerando a orientação da Procuradoria Geral do Município que opinou pela ANULAÇÃO DA LICITAÇÃO, em razão de vício insanável apontado no Parecer nº 068/PLC/PGM/2025, que segue acostado aos autos do processo em epígrafe com sua fundamentação, resolve:
RESOLVE:
TORNAR PÚBLICA a ANULAÇÃO da Concorrência nº 006/2023/PMC – 1ª REPUBLICAÇÃO, que tem por objeto a "PRESTAÇÃO DE SERVIÇOS DE PUBLICIDADE, CONFORME ART. 2º DA LEI 12.232/10, COMPREENDENDO O CONJUNTO DE ATIVIDADES REALIZADAS INTEGRADAMENTE QUE TENHAM POR OBJETIVO O ESTUDO, O PLANEJAMENTO, A CONCEITUAÇÃO, A CONCEPÇÃO, A CRIAÇÃO, A EXECUÇÃO INTERNA, A INTERMEDIAÇÃO E A SUPERVISÃO DA EXECUÇÃO EXTERNA E A DISTRIBUIÇÃO DE PUBLICIDADE DA PREFEITURA MUNICIPAL DE CUIABÁ, ATRAVÉS DA SECRETARIA MUNICIPAL DE COMUNICAÇÃO". INFORMAÇÕES: Secretaria Adjunta Especial de Licitações e Contratos/Secretaria Municipal de Gestão – SAELC/SMGe – Tel.: (65) 3645-6241 E-mail: cpl@cuiaba.mt.gov.br, de Segunda a Sexta-feira, das 08h00 às 18h00 horas (Cuiabá-MT). Cuiabá-MT, 03 de abril de 2025.
Ana Karla Ataíde Aires Costa Perdigão
Secretária Municipal de Comunicação
ESTADO DE MATO GROSSO
PREFEITURA MUNICIPAL DE NOBRES
AVISO DE RETIFICAÇÃO DE PUBLICAÇÃO
CONCORRÊNCIA PÚBLICA ELETRÔNICA Nº 004/2025
Onde se lê: Início da Disputa: às 9h do dia 14/04/2025. Local: www.bll.org.br; Para todas as referências de tempo será observado o horário de Brasília/DF. Data Abertura: 01/04/2025. Hora Abertura: 9h00min. Informações Complementares: Os interessados poderão ler e obter o edital durante todo o período das 07h às 11h, das 13h às 17h, pelo telefone 65 – 9251 – 9403 ou no e-mail: licitacao@nobres.mt.gov.br. O edital e seus anexos encontram-se à disposição dos interessados no site www.nobres.mt.gov.br. Leia-se: Início da Disputa: às 9h do dia 24/04/2025. Local: www.bll.org.br; Para todas as referências de tempo será observado o horário de Brasília/DF. Início da Disputa: 24/04/2025. Hora Abertura: 9h00min. Informações Complementares: Os interessados poderão ler e obter o edital durante todo o período das 07h às 11h, das 13h às 17h, pelo telefone 65 – 9251 – 9403 ou no e-mail: licitacao@nobres.mt.gov.br. Os demais documentos encontram-se à disposição dos interessados no site www.nobres.mt.gov.br/Transparencia/Licitacoes/concorrencia-publica/. Nobres, 03 de abril de 2025.
Benjamim da Silva Queiroz - Pregoeiro
ESTADO DE MATO GROSSO
PREFEITURA MUNICIPAL DE BARRA DO BUGRES
AVISO DE LICITAÇÃO
CONCORRÊNCIA PÚBLICA Nº 01/2025
O Município de Barra do Bugres - MT, torna pública a realização de licitação na modalidade CONCORRÊNCIA PÚBLICA Nº 01/2025, OBJETO: CONTRATAÇÃO DE EMPRESA DE ENGENHARIA, VISANDO A CONSTRUÇÃO DE 01 (UMA) UBS (TIPO I), DO PROGRAMA DE ACELERAÇÃO DO CRESCIMENTO (PAC), CONFORME PROPOSTA Nº 11228118000124012, PARA ATENDER O FUNDO MUNICIPAL DE SAÚDE DE BARRA DO BUGRES. Menor preço global. Data de realização: dia 28 de abril de 2025, horário: 09h00 (Horário de Brasília – DF). Site: www.licitanet.com.br. OBTENÇÃO DO EDITAL: das 07:00 h às 13:00 horas (Horário local). Endereço: Praça Felipe Ferreira Martins nº 1000, Centro, Barra do Bugres – MT, ou através da página: www.barradobugres.mt.gov.br, "serviço de informação ao cidadão", informações no telefone (065)3361-3868. Barra do Bugres-MT, 04 de abril de 2025.
Ediriei Soares da Costa - Agente de Contratação
PREFEITURA MUNICIPAL DE
PARANATINGA
AVISO DE LICITAÇÃO
PREGÃO Nº 11/2025 – "ELETRÔNICO"
"MENOR PREÇO ITEM"
A Prefeitura Municipal de Paranatinga/MT através do pregoeiro Devenilson da Silva, nomeado pela portaria nº 069/2025, torna público aos interessados que realizará licitação na modalidade PREGÃO, na forma ELETRÔNICA, ELETRÔNICA com o objetivo de REGISTRO DE PREÇO, regido pela Lei Federal nº 14.133 de 21 de Abril de 2021, Decretos Municipais 2216/2023, 2217/2023, 2218/2023 e 2236/2023, Lei Municipal nº 1909/2020 e Lei Complementar nº 123, de 14 de Dezembro de 2006 que institui o Estatuto Nacional da ME da EPP e demais legislações complementares. Objeto: Constitui Objeto do Presente Licitação o Registro de Preço para Futura e Eventual Contratação de Empresa Especializada no Fornecimento de Alimentação Preparada e Serviço Tipo Marmitex que será fornecido na Cidade de Primavera do Leste – MT aos Servidores da Prefeitura, Policiais, Pacientes que Aguardam Laudos, no Transporte e Cuidado aos Pacientes que precisam Tratamento médico, necessidade da Secretaria Municipal de Saúde de Paranatinga – MT, Conforme especificações do Termo de Referência.
Abertura da Sessão: Dia 22/04/2025
Às 09:00h (horário Brasília)
O Edital e os seus Anexos poderão ser retirados no SITE OFICIAL www.paranatinga.mt.gov.br e www.bll.org.br ou na sede da Prefeitura Municipal de Paranatinga, Av. Brasil, 1900 – Centro, mais Informações pelo e-mail: licitacao@paranatinga.mt.gov.br – Telefone (66)3573-1220/1756. Horário de atendimento de segunda a sexta-feira das 07:00 às 13:00h (Horário Local).
Paranatinga, MT, 03 de abril de 2025.
Devenilson da Silva
Pregoeiro
Portaria 069/2025
Lucas Rafael Ribeiro Romera, CPF nº 039.882.241-70, e Alisson Fagner dos Santos Trindade, CPF nº 963.234.501-00 tornam público que requereram junto a SEMA-MT a Termo de Encerramento da Licença por Adesão e Compromisso – LAC de Ramos Fluviais, Ramais Fluviais passa-se a desempenhar de pequenos embarcações. Solicitação para Ramos Fluviais, localizado na Rua F1, s/n, Bairro Grande Terceiro, Complemento Margem Esquerda do Rio Cuiabá, cidade de Cuiabá-MT.
